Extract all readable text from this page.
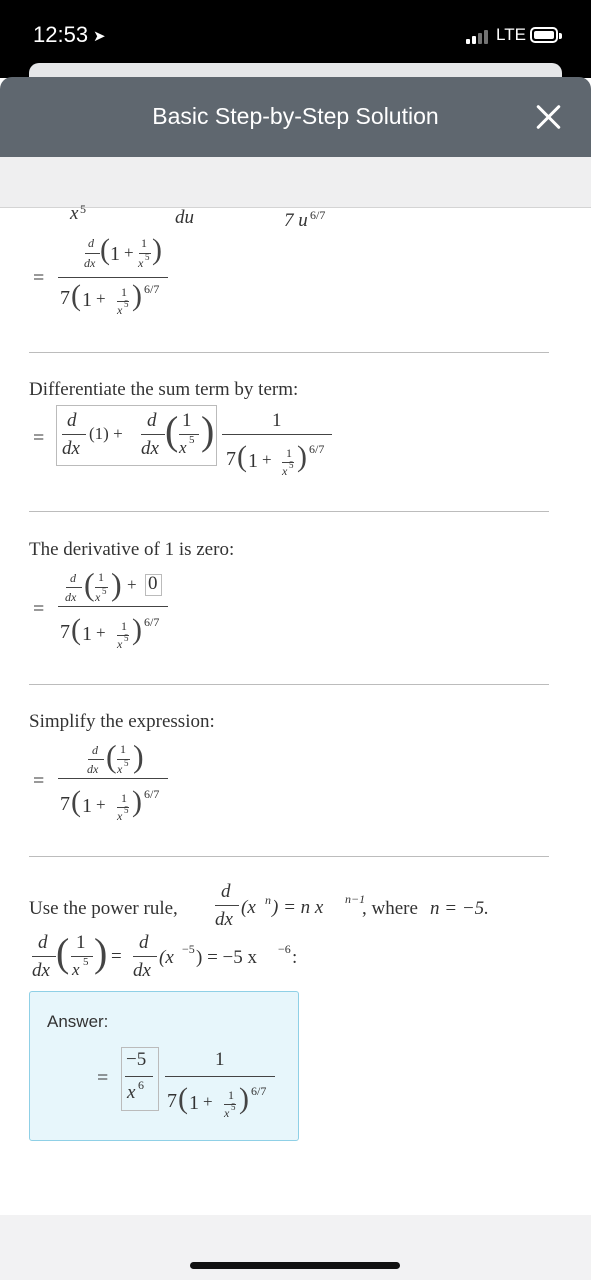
12:53 ➤	LTE
Basic Step-by-Step Solution
x 5	du	7 u 6/7
=
d
dx ( 1 + 1
x 5 )
7 ( 1 + 1
x 5 ) 6/7
Differentiate the sum term by term:
=
d
dx
(1) +
d
dx ( 1
x 5 )	1
7 ( 1 + 1
x 5 ) 6/7
The derivative of 1 is zero:
=
d
dx ( 1
x 5 ) + 0
7 ( 1 + 1
x 5 ) 6/7
Simplify the expression:
=
d
dx ( 1
x 5 )
7 ( 1 + 1
x 5 ) 6/7
Use the power rule,
d
dx
(x n ) = n x n−1
, where n = −5.
d
dx ( 1
x 5 ) =
d
dx
(x −5 ) = −5 x −6 :
Answer:
=
−5
x 6
1
7 ( 1 + 1
x 5 ) 6/7
